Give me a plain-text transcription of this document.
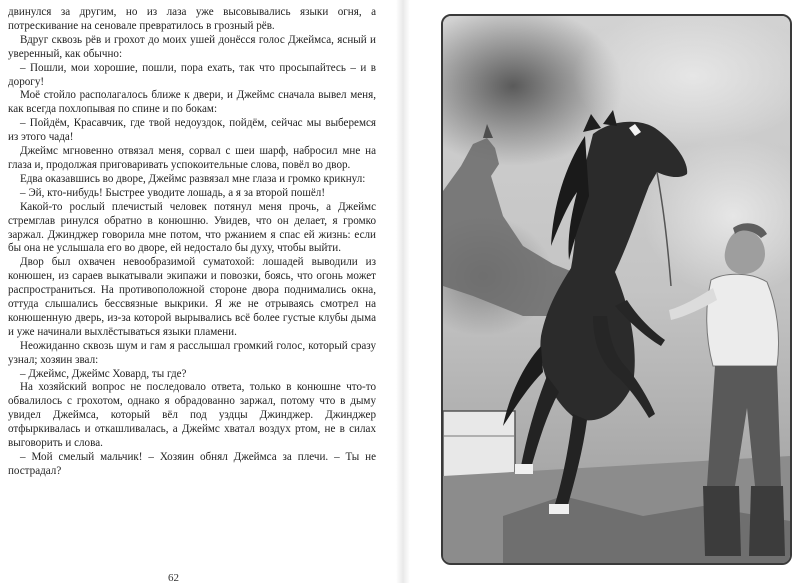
двинулся за другим, но из лаза уже высовывались языки огня, а потрескивание на сеновале превратилось в грозный рёв.

Вдруг сквозь рёв и грохот до моих ушей донёсся голос Джеймса, ясный и уверенный, как обычно:

– Пошли, мои хорошие, пошли, пора ехать, так что просыпайтесь – и в дорогу!

Моё стойло располагалось ближе к двери, и Джеймс сначала вывел меня, как всегда похлопывая по спине и по бокам:

– Пойдём, Красавчик, где твой недоуздок, пойдём, сейчас мы выберемся из этого чада!

Джеймс мгновенно отвязал меня, сорвал с шеи шарф, набросил мне на глаза и, продолжая приговаривать успокоительные слова, повёл во двор.

Едва оказавшись во дворе, Джеймс развязал мне глаза и громко крикнул:

– Эй, кто-нибудь! Быстрее уводите лошадь, а я за второй пошёл!

Какой-то рослый плечистый человек потянул меня прочь, а Джеймс стремглав ринулся обратно в конюшню. Увидев, что он делает, я громко заржал. Джинджер говорила мне потом, что ржанием я спас ей жизнь: если бы она не услышала его во дворе, ей недостало бы духу, чтобы выйти.

Двор был охвачен невообразимой суматохой: лошадей выводили из конюшен, из сараев выкатывали экипажи и повозки, боясь, что огонь может распространиться. На противоположной стороне двора поднимались окна, оттуда слышались бессвязные выкрики. Я же не отрываясь смотрел на конюшенную дверь, из-за которой вырывались всё более густые клубы дыма и уже начинали выхлёстываться языки пламени.

Неожиданно сквозь шум и гам я расслышал громкий голос, который сразу узнал; хозяин звал:

– Джеймс, Джеймс Ховард, ты где?

На хозяйский вопрос не последовало ответа, только в конюшне что-то обвалилось с грохотом, однако я обрадованно заржал, потому что в дыму увидел Джеймса, который вёл под уздцы Джинджер. Джинджер отфыркивалась и откашливалась, а Джеймс хватал воздух ртом, не в силах выговорить и слова.

– Мой смелый мальчик! – Хозяин обнял Джеймса за плечи. – Ты не пострадал?

62
